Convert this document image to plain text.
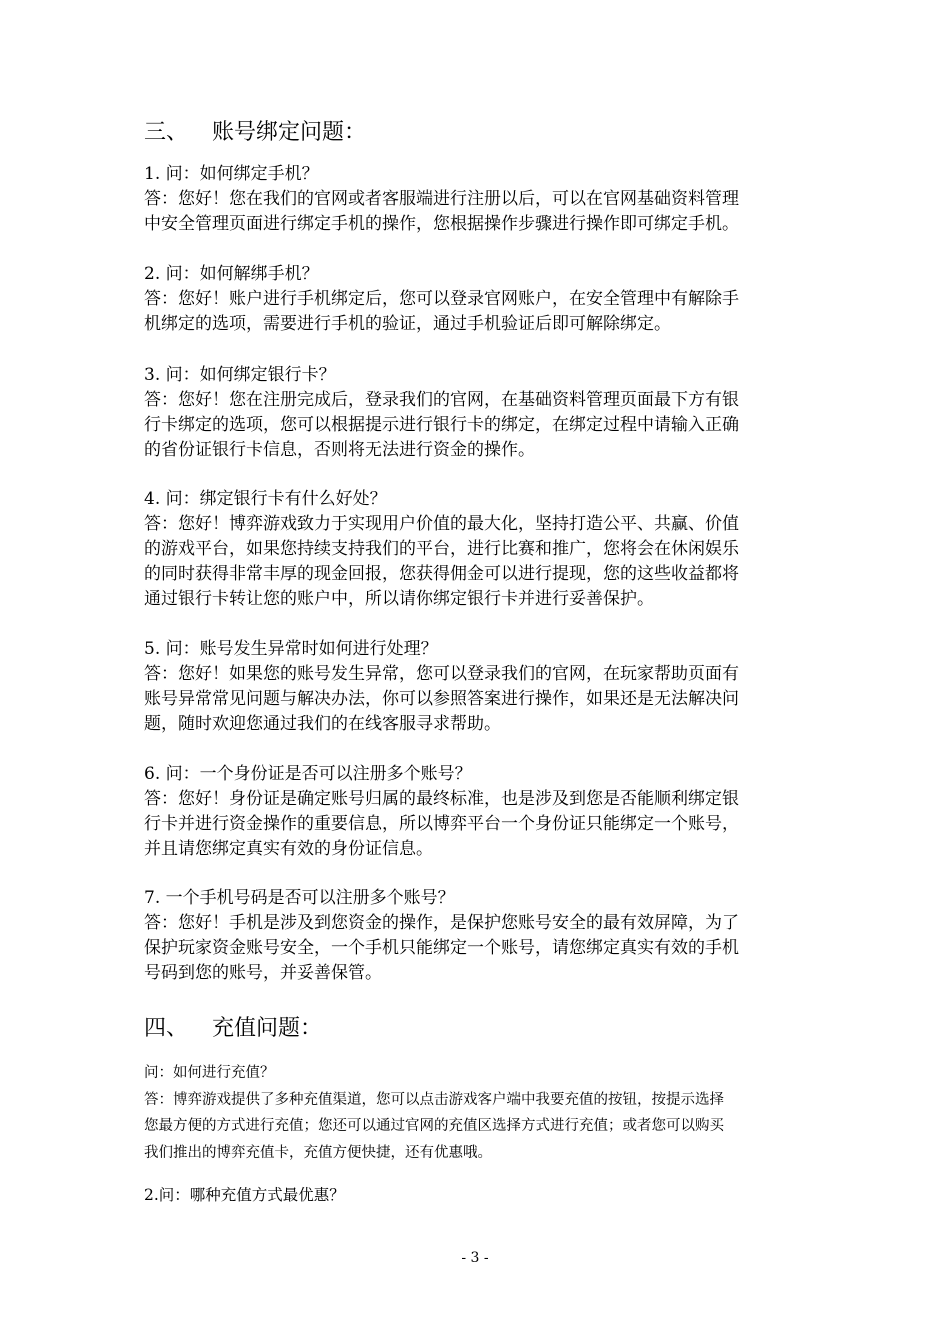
三、 账号绑定问题：
1. 问：如何绑定手机？
答：您好！您在我们的官网或者客服端进行注册以后，可以在官网基础资料管理
中安全管理页面进行绑定手机的操作，您根据操作步骤进行操作即可绑定手机。
2. 问：如何解绑手机？
答：您好！账户进行手机绑定后，您可以登录官网账户，在安全管理中有解除手
机绑定的选项，需要进行手机的验证，通过手机验证后即可解除绑定。
3. 问：如何绑定银行卡？
答：您好！您在注册完成后，登录我们的官网，在基础资料管理页面最下方有银
行卡绑定的选项，您可以根据提示进行银行卡的绑定，在绑定过程中请输入正确
的省份证银行卡信息，否则将无法进行资金的操作。
4. 问：绑定银行卡有什么好处？
答：您好！博弈游戏致力于实现用户价值的最大化，坚持打造公平、共赢、价值
的游戏平台，如果您持续支持我们的平台，进行比赛和推广，您将会在休闲娱乐
的同时获得非常丰厚的现金回报，您获得佣金可以进行提现，您的这些收益都将
通过银行卡转让您的账户中，所以请你绑定银行卡并进行妥善保护。
5. 问：账号发生异常时如何进行处理？
答：您好！如果您的账号发生异常，您可以登录我们的官网，在玩家帮助页面有
账号异常常见问题与解决办法，你可以参照答案进行操作，如果还是无法解决问
题，随时欢迎您通过我们的在线客服寻求帮助。
6. 问：一个身份证是否可以注册多个账号？
答：您好！身份证是确定账号归属的最终标准，也是涉及到您是否能顺利绑定银
行卡并进行资金操作的重要信息，所以博弈平台一个身份证只能绑定一个账号，
并且请您绑定真实有效的身份证信息。
7. 一个手机号码是否可以注册多个账号？
答：您好！手机是涉及到您资金的操作，是保护您账号安全的最有效屏障，为了
保护玩家资金账号安全，一个手机只能绑定一个账号，请您绑定真实有效的手机
号码到您的账号，并妥善保管。
四、 充值问题：
问：如何进行充值？
答：博弈游戏提供了多种充值渠道，您可以点击游戏客户端中我要充值的按钮，按提示选择
您最方便的方式进行充值；您还可以通过官网的充值区选择方式进行充值；或者您可以购买
我们推出的博弈充值卡，充值方便快捷，还有优惠哦。
2.问：哪种充值方式最优惠？
- 3 -
